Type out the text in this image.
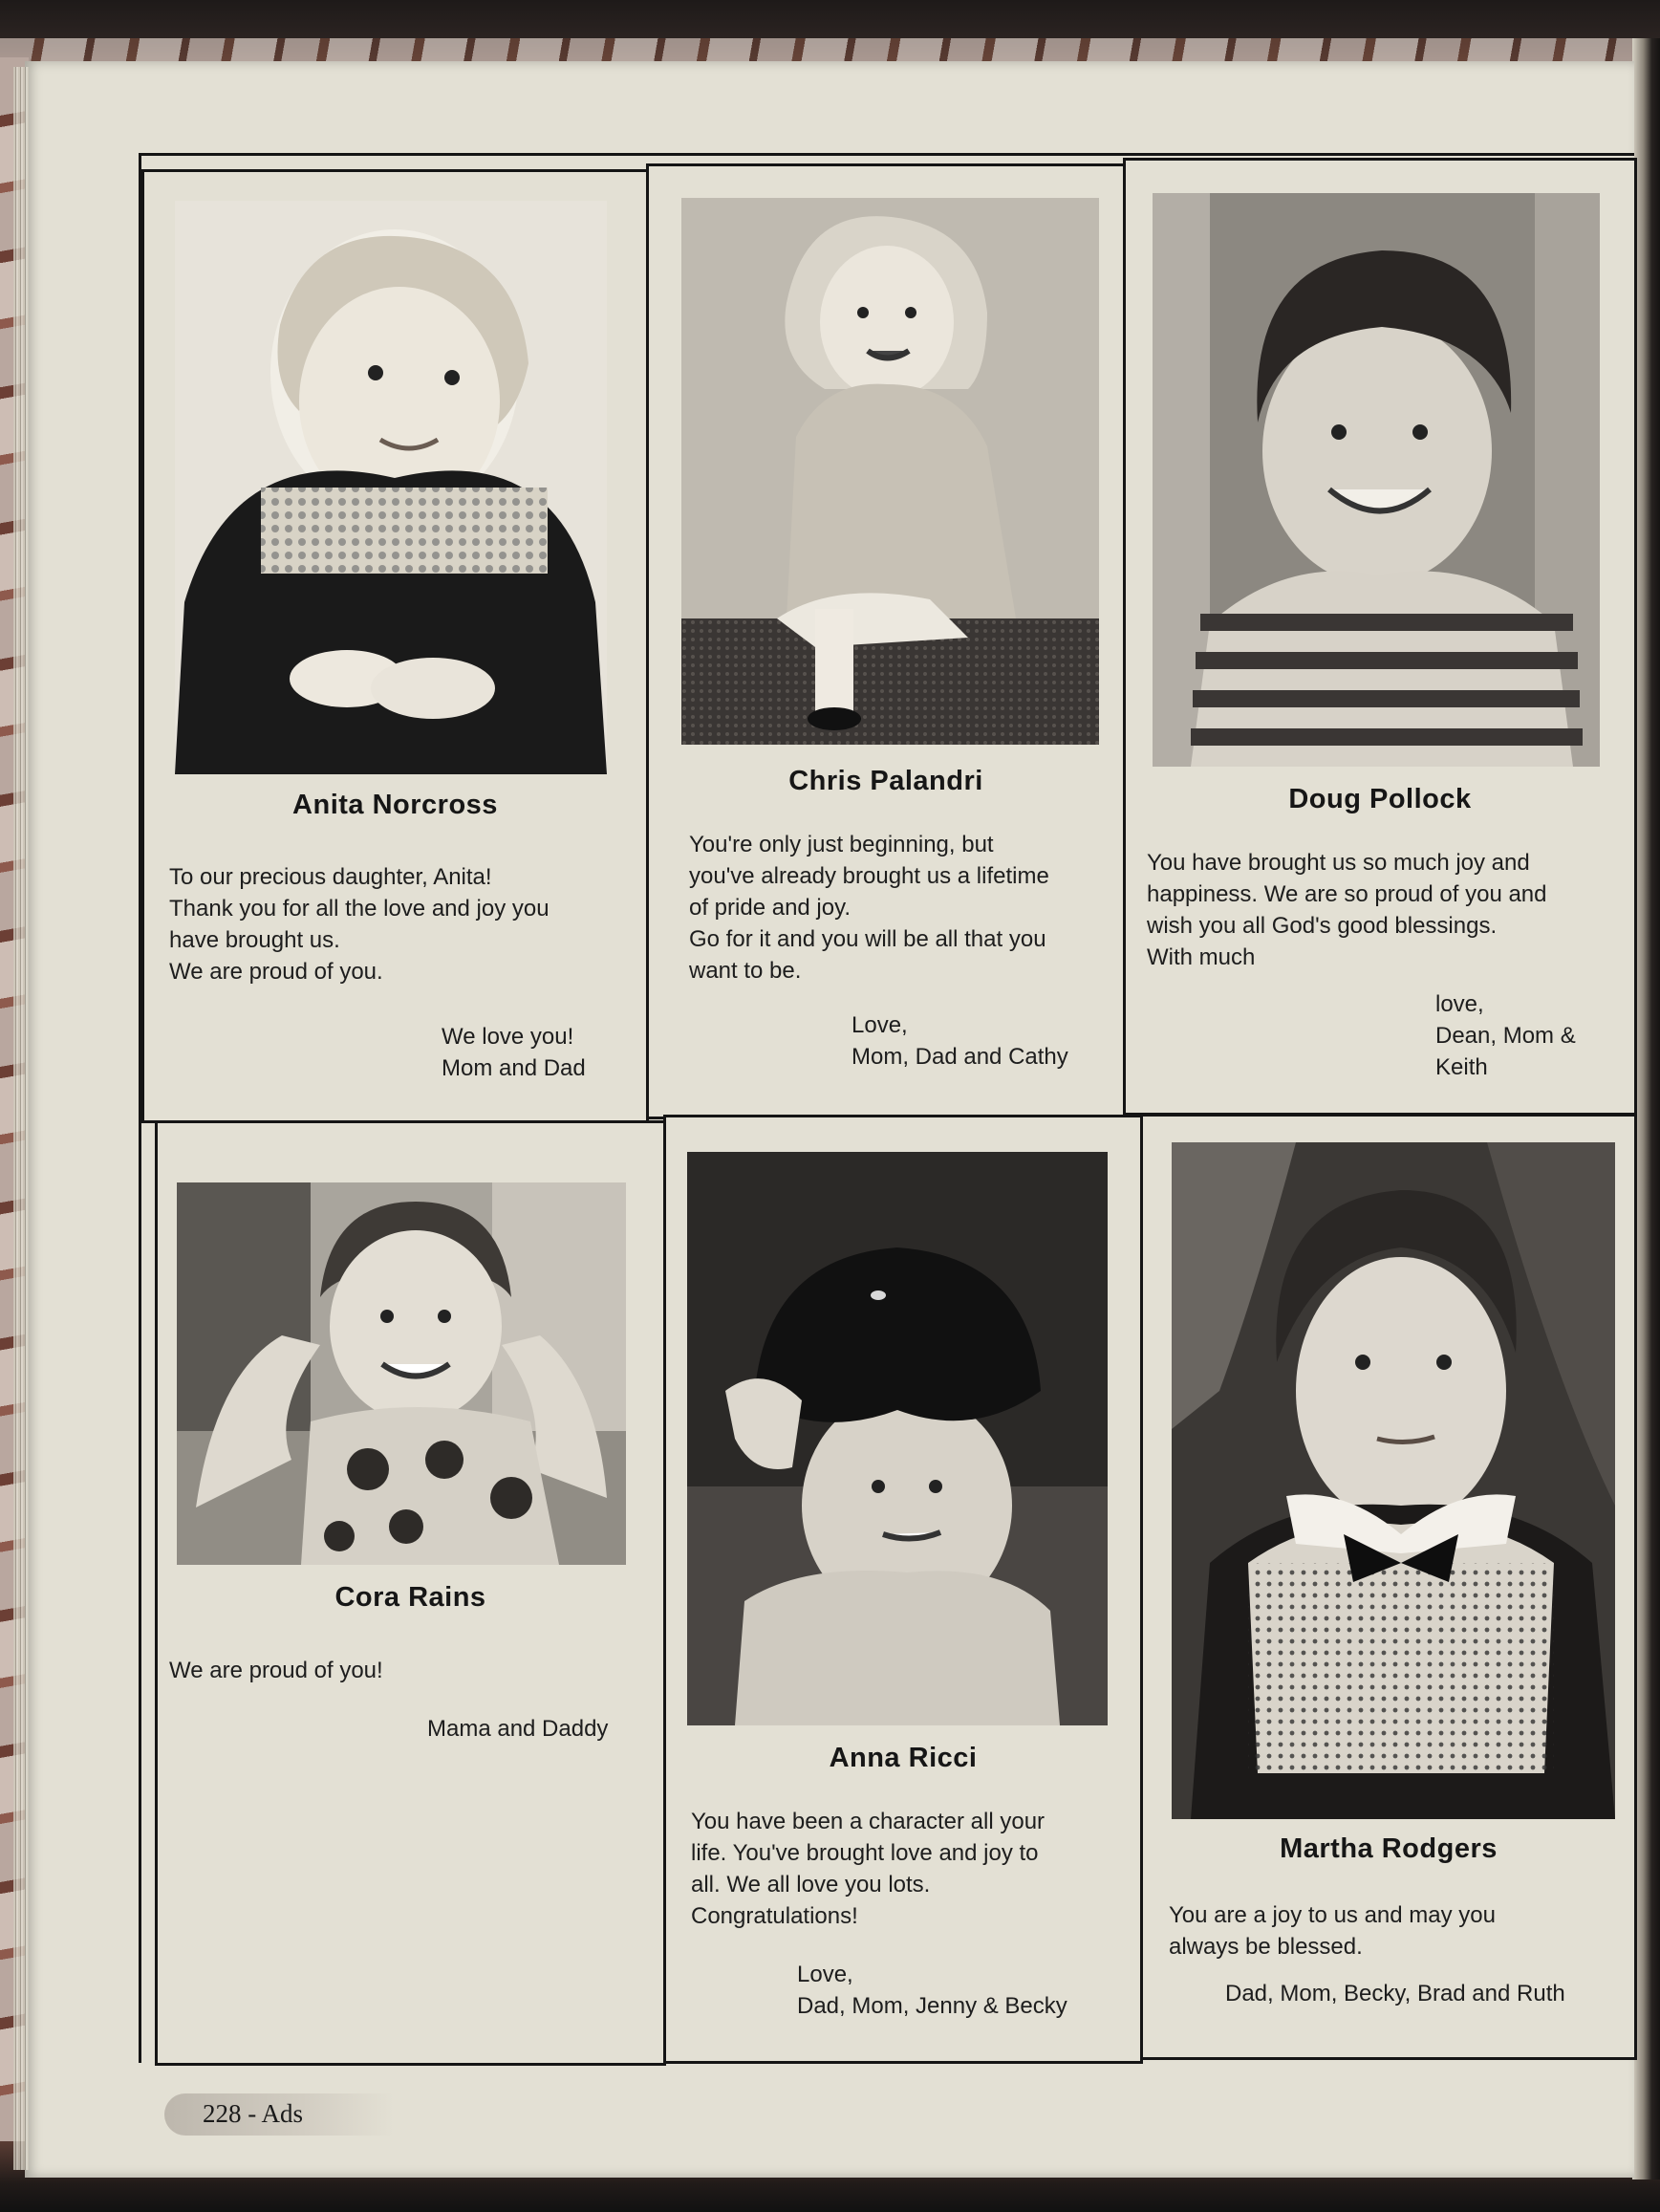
Anita Norcross
To our precious daughter, Anita!
Thank you for all the love and joy you
have brought us.
We are proud of you.
We love you!
Mom and Dad
Chris Palandri
You're only just beginning, but
you've already brought us a lifetime
of pride and joy.
Go for it and you will be all that you
want to be.
Love,
Mom, Dad and Cathy
Doug Pollock
You have brought us so much joy and
happiness. We are so proud of you and
wish you all God's good blessings.
With much
love,
Dean, Mom &
Keith
Cora Rains
We are proud of you!
Mama and Daddy
Anna Ricci
You have been a character all your
life. You've brought love and joy to
all. We all love you lots.
Congratulations!
Love,
Dad, Mom, Jenny & Becky
Martha Rodgers
You are a joy to us and may you
always be blessed.
Dad, Mom, Becky, Brad and Ruth
228 - Ads
